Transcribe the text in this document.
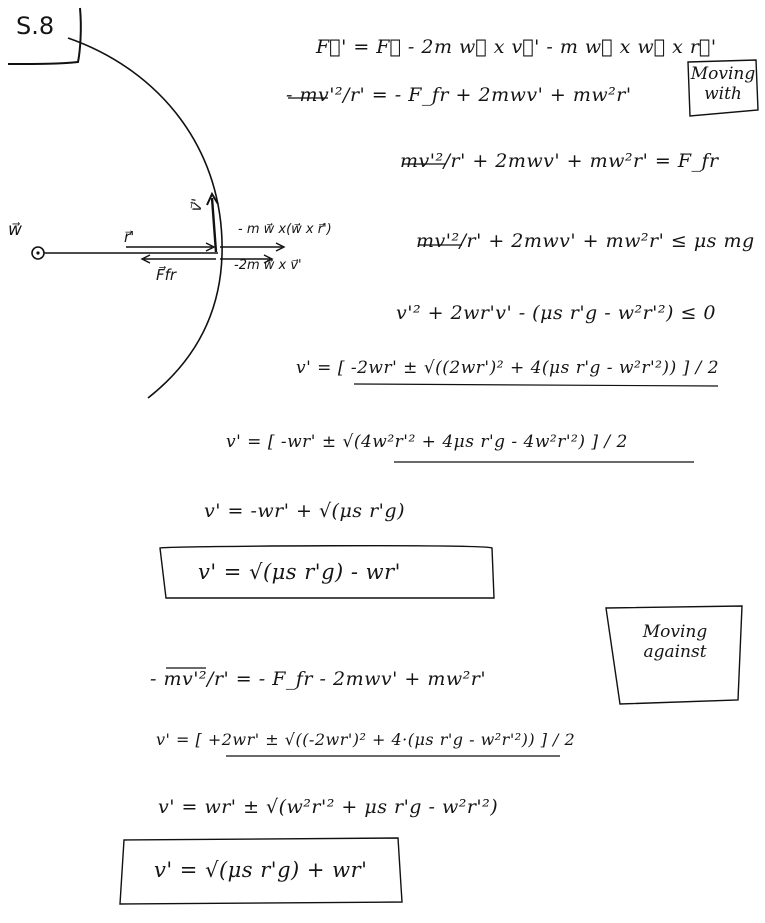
S.8
w⃗	r⃗'
F⃗fr
v⃗'
- m w⃗ x(w⃗ x r⃗')
-2m w⃗ x v⃗'
Moving
with
F⃗' = F⃗ - 2m w⃗ x v⃗' - m w⃗ x w⃗ x r⃗'
- mv'²/r' = - F_fr + 2mwv' + mw²r'
mv'²/r' + 2mwv' + mw²r' = F_fr
mv'²/r' + 2mwv' + mw²r' ≤ μs mg
v'² + 2wr'v' - (μs r'g - w²r'²) ≤ 0
v' = [ -2wr' ± √((2wr')² + 4(μs r'g - w²r'²)) ] / 2
v' = [ -wr' ± √(4w²r'² + 4μs r'g - 4w²r'²) ] / 2
v' = -wr' + √(μs r'g)
v' = √(μs r'g) - wr'
Moving
against
- mv'²/r' = - F_fr - 2mwv' + mw²r'
v' = [ +2wr' ± √((-2wr')² + 4·(μs r'g - w²r'²)) ] / 2
v' = wr' ± √(w²r'² + μs r'g - w²r'²)
v' = √(μs r'g) + wr'
